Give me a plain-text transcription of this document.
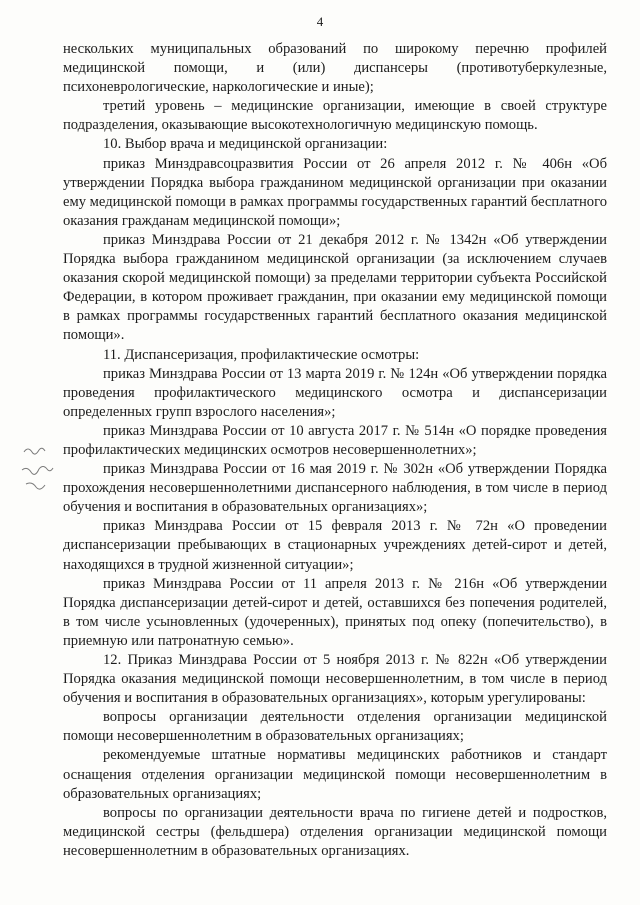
4

нескольких муниципальных образований по широкому перечню профилей медицинской помощи, и (или) диспансеры (противотуберкулезные, психоневрологические, наркологические и иные);

третий уровень – медицинские организации, имеющие в своей структуре подразделения, оказывающие высокотехнологичную медицинскую помощь.

10. Выбор врача и медицинской организации:

приказ Минздравсоцразвития России от 26 апреля 2012 г. № 406н «Об утверждении Порядка выбора гражданином медицинской организации при оказании ему медицинской помощи в рамках программы государственных гарантий бесплатного оказания гражданам медицинской помощи»;

приказ Минздрава России от 21 декабря 2012 г. № 1342н «Об утверждении Порядка выбора гражданином медицинской организации (за исключением случаев оказания скорой медицинской помощи) за пределами территории субъекта Российской Федерации, в котором проживает гражданин, при оказании ему медицинской помощи в рамках программы государственных гарантий бесплатного оказания медицинской помощи».

11. Диспансеризация, профилактические осмотры:

приказ Минздрава России от 13 марта 2019 г. № 124н «Об утверждении порядка проведения профилактического медицинского осмотра и диспансеризации определенных групп взрослого населения»;

приказ Минздрава России от 10 августа 2017 г. № 514н «О порядке проведения профилактических медицинских осмотров несовершеннолетних»;

приказ Минздрава России от 16 мая 2019 г. № 302н «Об утверждении Порядка прохождения несовершеннолетними диспансерного наблюдения, в том числе в период обучения и воспитания в образовательных организациях»;

приказ Минздрава России от 15 февраля 2013 г. № 72н «О проведении диспансеризации пребывающих в стационарных учреждениях детей-сирот и детей, находящихся в трудной жизненной ситуации»;

приказ Минздрава России от 11 апреля 2013 г. № 216н «Об утверждении Порядка диспансеризации детей-сирот и детей, оставшихся без попечения родителей, в том числе усыновленных (удочеренных), принятых под опеку (попечительство), в приемную или патронатную семью».

12. Приказ Минздрава России от 5 ноября 2013 г. № 822н «Об утверждении Порядка оказания медицинской помощи несовершеннолетним, в том числе в период обучения и воспитания в образовательных организациях», которым урегулированы:

вопросы организации деятельности отделения организации медицинской помощи несовершеннолетним в образовательных организациях;

рекомендуемые штатные нормативы медицинских работников и стандарт оснащения отделения организации медицинской помощи несовершеннолетним в образовательных организациях;

вопросы по организации деятельности врача по гигиене детей и подростков, медицинской сестры (фельдшера) отделения организации медицинской помощи несовершеннолетним в образовательных организациях.
